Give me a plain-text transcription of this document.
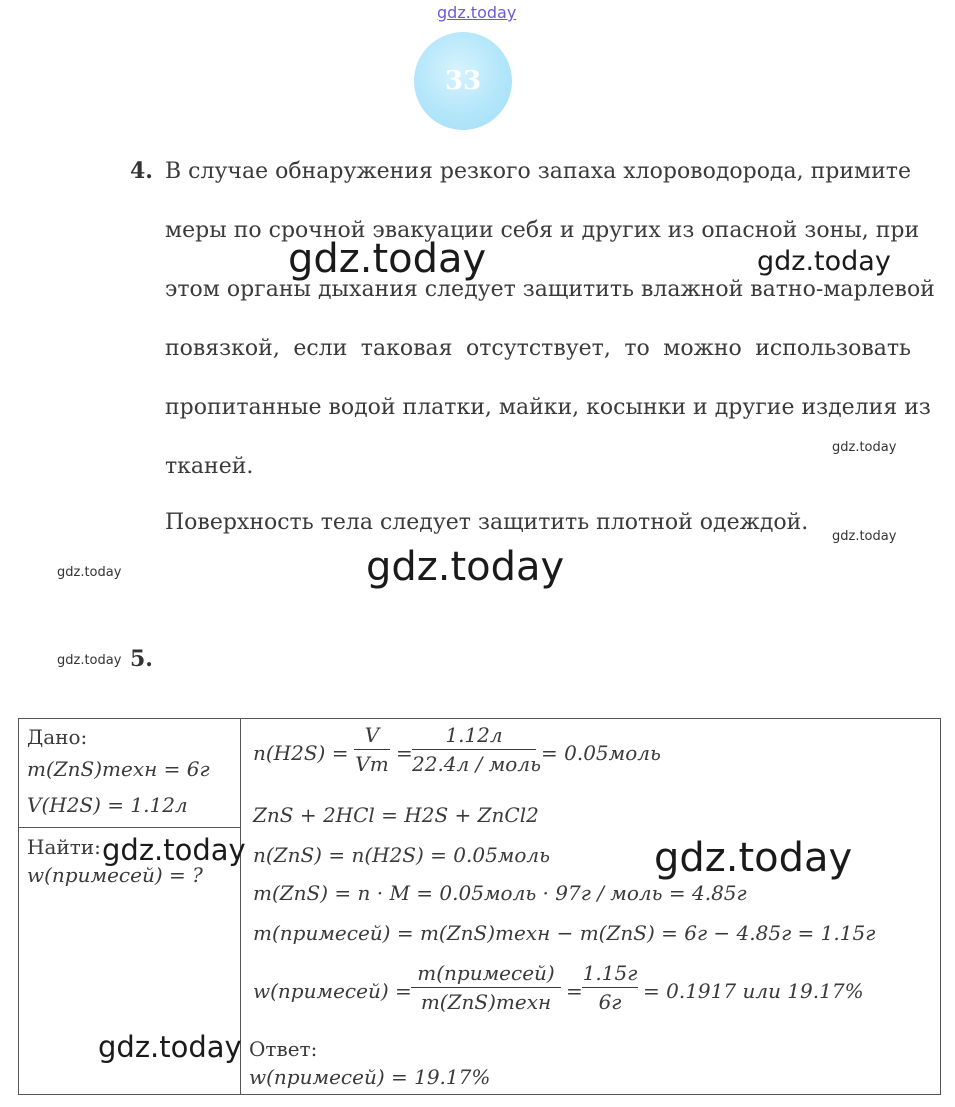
gdz.today
gdz.today	gdz.today
gdz.today
gdz.today
gdz.today
gdz.today
gdz.today
33
4. В случае обнаружения резкого запаха хлороводорода, примите
меры по срочной эвакуации себя и других из опасной зоны, при
этом органы дыхания следует защитить влажной ватно-марлевой
повязкой, если таковая отсутствует, то можно использовать
пропитанные водой платки, майки, косынки и другие изделия из
тканей.
Поверхность тела следует защитить плотной одеждой.
5.
Дано:
m(ZnS)техн = 6г
V(H2S) = 1.12л
Найти:
w(примесей) = ?
n(H2S) =
V
Vm =
1.12л
22.4л / моль = 0.05моль
ZnS + 2HCl = H2S + ZnCl2
n(ZnS) = n(H2S) = 0.05моль
m(ZnS) = n · M = 0.05моль · 97г / моль = 4.85г
m(примесей) = m(ZnS)техн − m(ZnS) = 6г − 4.85г = 1.15г
w(примесей) =
m(примесей)
m(ZnS)техн =
1.15г
6г	= 0.1917 или 19.17%
Ответ:
w(примесей) = 19.17%
gdz.today	gdz.today
gdz.today
